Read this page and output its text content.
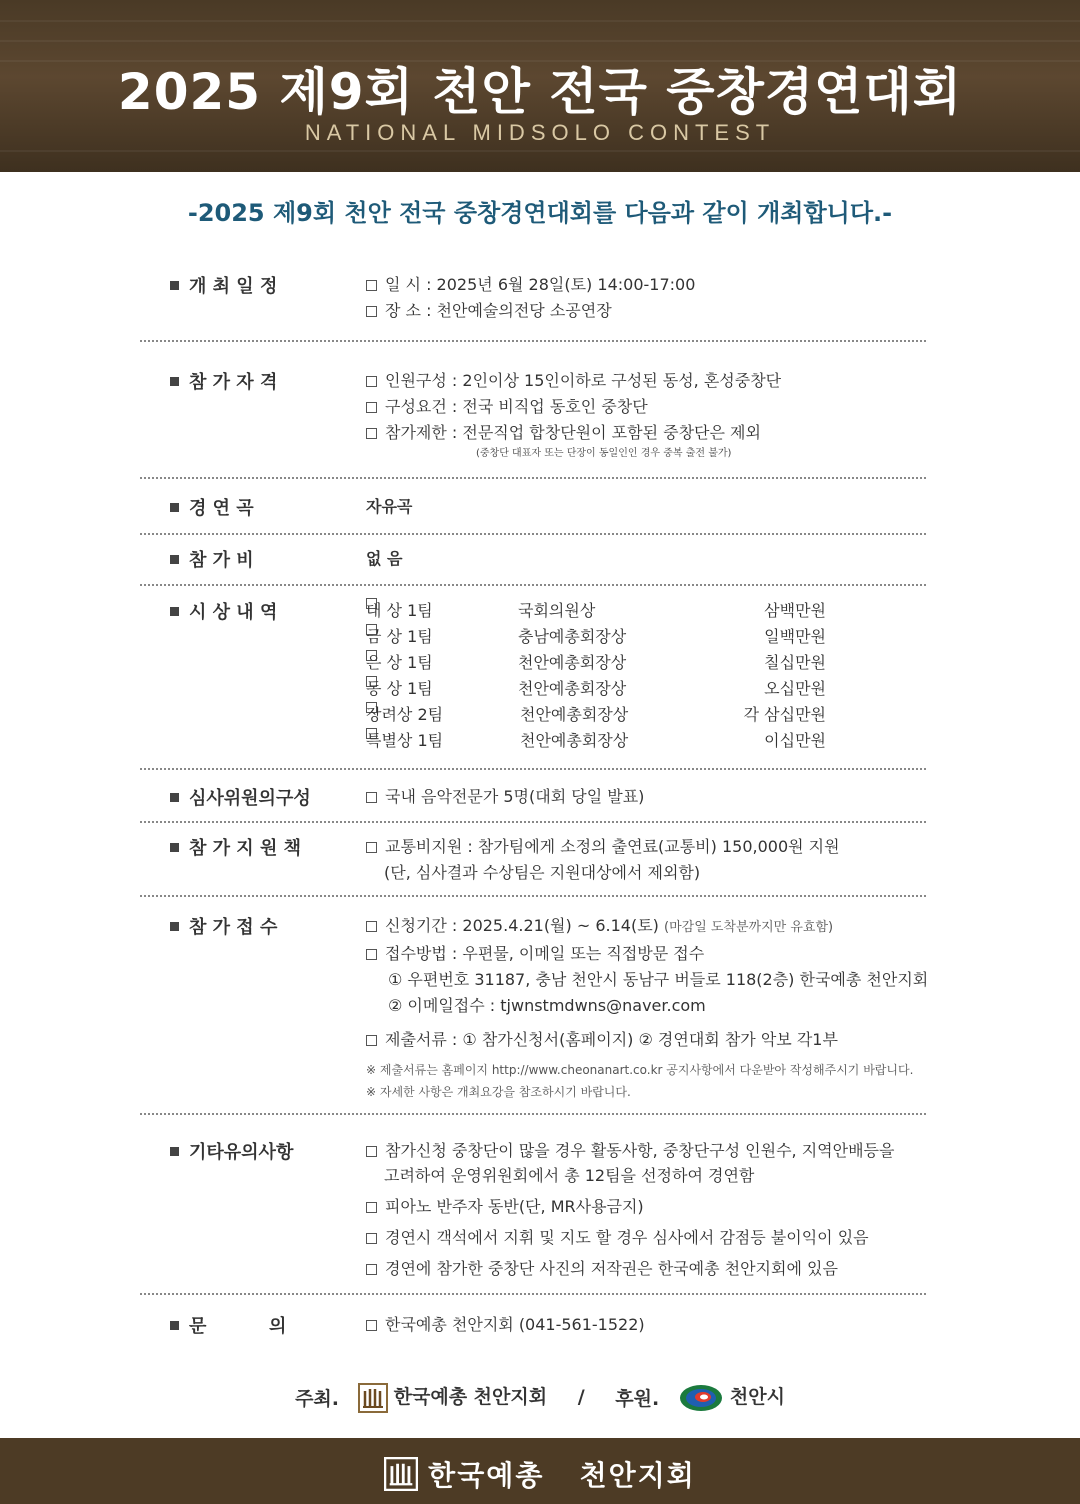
2025 제9회 천안 전국 중창경연대회
NATIONAL MIDSOLO CONTEST
-2025 제9회 천안 전국 중창경연대회를 다음과 같이 개최합니다.-
개 최 일 정	일 시 : 2025년 6월 28일(토) 14:00-17:00
장 소 : 천안예술의전당 소공연장
참 가 자 격	인원구성 : 2인이상 15인이하로 구성된 동성, 혼성중창단
구성요건 : 전국 비직업 동호인 중창단
참가제한 : 전문직업 합창단원이 포함된 중창단은 제외
(중창단 대표자 또는 단장이 동일인인 경우 중복 출전 불가)
경 연 곡	자유곡
참 가 비	없 음
시 상 내 역	대 상 1팀	국회의원상	삼백만원
금 상 1팀	충남예총회장상	일백만원
은 상 1팀	천안예총회장상	칠십만원
동 상 1팀	천안예총회장상	오십만원
장려상 2팀	천안예총회장상	각 삼십만원
특별상 1팀	천안예총회장상	이십만원
심사위원의구성	국내 음악전문가 5명(대회 당일 발표)
참 가 지 원 책	교통비지원 : 참가팀에게 소정의 출연료(교통비) 150,000원 지원
(단, 심사결과 수상팀은 지원대상에서 제외함)
참 가 접 수	신청기간 : 2025.4.21(월) ~ 6.14(토) (마감일 도착분까지만 유효함)
접수방법 : 우편물, 이메일 또는 직접방문 접수
① 우편번호 31187, 충남 천안시 동남구 버들로 118(2층) 한국예총 천안지회
② 이메일접수 : tjwnstmdwns@naver.com
제출서류 : ① 참가신청서(홈페이지) ② 경연대회 참가 악보 각1부
※ 제출서류는 홈페이지 http://www.cheonanart.co.kr 공지사항에서 다운받아 작성해주시기 바랍니다.
※ 자세한 사항은 개최요강을 참조하시기 바랍니다.
기타유의사항	참가신청 중창단이 많을 경우 활동사항, 중창단구성 인원수, 지역안배등을
고려하여 운영위원회에서 총 12팀을 선정하여 경연함
피아노 반주자 동반(단, MR사용금지)
경연시 객석에서 지휘 및 지도 할 경우 심사에서 감점등 불이익이 있음
경연에 참가한 중창단 사진의 저작권은 한국예총 천안지회에 있음
문          의	한국예총 천안지회 (041-561-1522)
주최.	한국예총 천안지회 / 후원.	천안시
한국예총   천안지회
